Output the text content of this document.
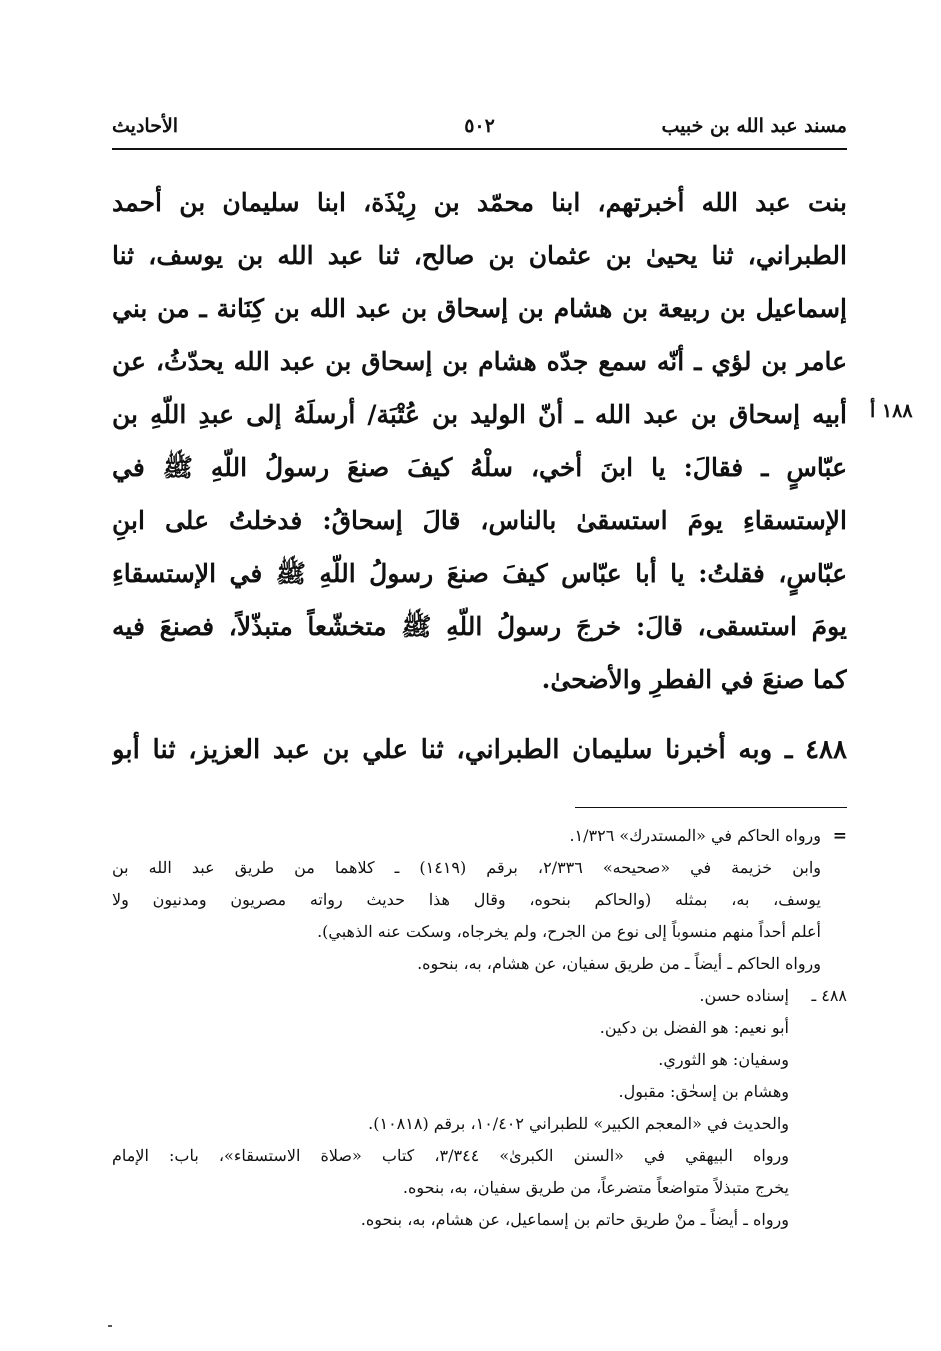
مسند عبد الله بن خبيب
٥٠٢
الأحاديث
بنت عبد الله أخبرتهم، ابنا محمّد بن رِيْذَة، ابنا سليمان بن أحمد
الطبراني، ثنا يحيىٰ بن عثمان بن صالح، ثنا عبد الله بن يوسف، ثنا
إسماعيل بن ربيعة بن هشام بن إسحاق بن عبد الله بن كِنَانة ـ من بني
عامر بن لؤي ـ أنّه سمع جدّه هشام بن إسحاق بن عبد الله يحدّثُ، عن
أبيه إسحاق بن عبد الله ـ أنّ الوليد بن عُتْبَة/ أرسلَهُ إلى عبدِ اللّهِ بن
عبّاسٍ ـ فقالَ: يا ابنَ أخي، سلْهُ كيفَ صنعَ رسولُ اللّهِ ﷺ في
الإستسقاءِ يومَ استسقىٰ بالناس، قالَ إسحاقُ: فدخلتُ على ابنِ
عبّاسٍ، فقلتُ: يا أبا عبّاس كيفَ صنعَ رسولُ اللّهِ ﷺ في الإستسقاءِ
يومَ استسقى، قالَ: خرجَ رسولُ اللّهِ ﷺ متخشّعاً متبذّلاً، فصنعَ فيه
كما صنعَ في الفطرِ والأضحىٰ.
١٨٨ أ
٤٨٨ ـ وبه أخبرنا سليمان الطبراني، ثنا علي بن عبد العزيز، ثنا أبو
=
ورواه الحاكم في «المستدرك» ١/٣٢٦.
وابن خزيمة في «صحيحه» ٢/٣٣٦، برقم (١٤١٩) ـ كلاهما من طريق عبد الله بن
يوسف، به، بمثله (والحاكم بنحوه، وقال هذا حديث رواته مصريون ومدنيون ولا
أعلم أحداً منهم منسوباً إلى نوع من الجرح، ولم يخرجاه، وسكت عنه الذهبي).
ورواه الحاكم ـ أيضاً ـ من طريق سفيان، عن هشام، به، بنحوه.
٤٨٨ ـ
إسناده حسن.
أبو نعيم: هو الفضل بن دكين.
وسفيان: هو الثوري.
وهشام بن إسحٰق: مقبول.
والحديث في «المعجم الكبير» للطبراني ١٠/٤٠٢، برقم (١٠٨١٨).
ورواه البيهقي في «السنن الكبرىٰ» ٣/٣٤٤، كتاب «صلاة الاستسقاء»، باب: الإمام
يخرج متبذلاً متواضعاً متضرعاً، من طريق سفيان، به، بنحوه.
ورواه ـ أيضاً ـ منْ طريق حاتم بن إسماعيل، عن هشام، به، بنحوه.
